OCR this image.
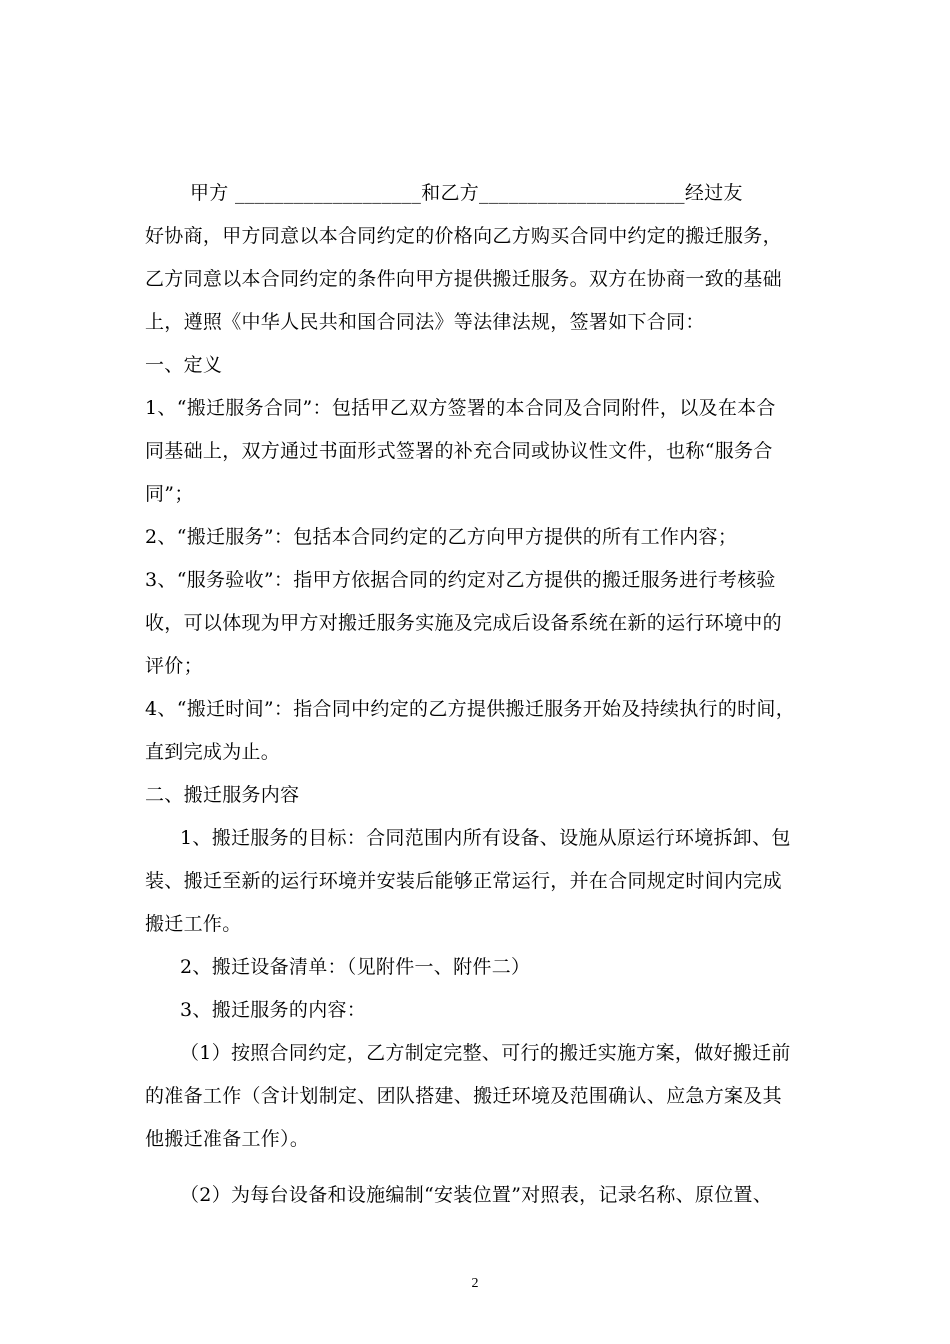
甲方 ___________________和乙方_____________________经过友
好协商，甲方同意以本合同约定的价格向乙方购买合同中约定的搬迁服务，
乙方同意以本合同约定的条件向甲方提供搬迁服务。双方在协商一致的基础
上，遵照《中华人民共和国合同法》等法律法规，签署如下合同：
一、定义
1、“搬迁服务合同”：包括甲乙双方签署的本合同及合同附件，以及在本合
同基础上，双方通过书面形式签署的补充合同或协议性文件，也称“服务合
同”；
2、“搬迁服务”：包括本合同约定的乙方向甲方提供的所有工作内容；
3、“服务验收”：指甲方依据合同的约定对乙方提供的搬迁服务进行考核验
收，可以体现为甲方对搬迁服务实施及完成后设备系统在新的运行环境中的
评价；
4、“搬迁时间”：指合同中约定的乙方提供搬迁服务开始及持续执行的时间，
直到完成为止。
二、搬迁服务内容
1、搬迁服务的目标：合同范围内所有设备、设施从原运行环境拆卸、包
装、搬迁至新的运行环境并安装后能够正常运行，并在合同规定时间内完成
搬迁工作。
2、搬迁设备清单：（见附件一、附件二）
3、搬迁服务的内容：
（1）按照合同约定，乙方制定完整、可行的搬迁实施方案，做好搬迁前
的准备工作（含计划制定、团队搭建、搬迁环境及范围确认、应急方案及其
他搬迁准备工作）。
（2）为每台设备和设施编制“安装位置”对照表，记录名称、原位置、
2
